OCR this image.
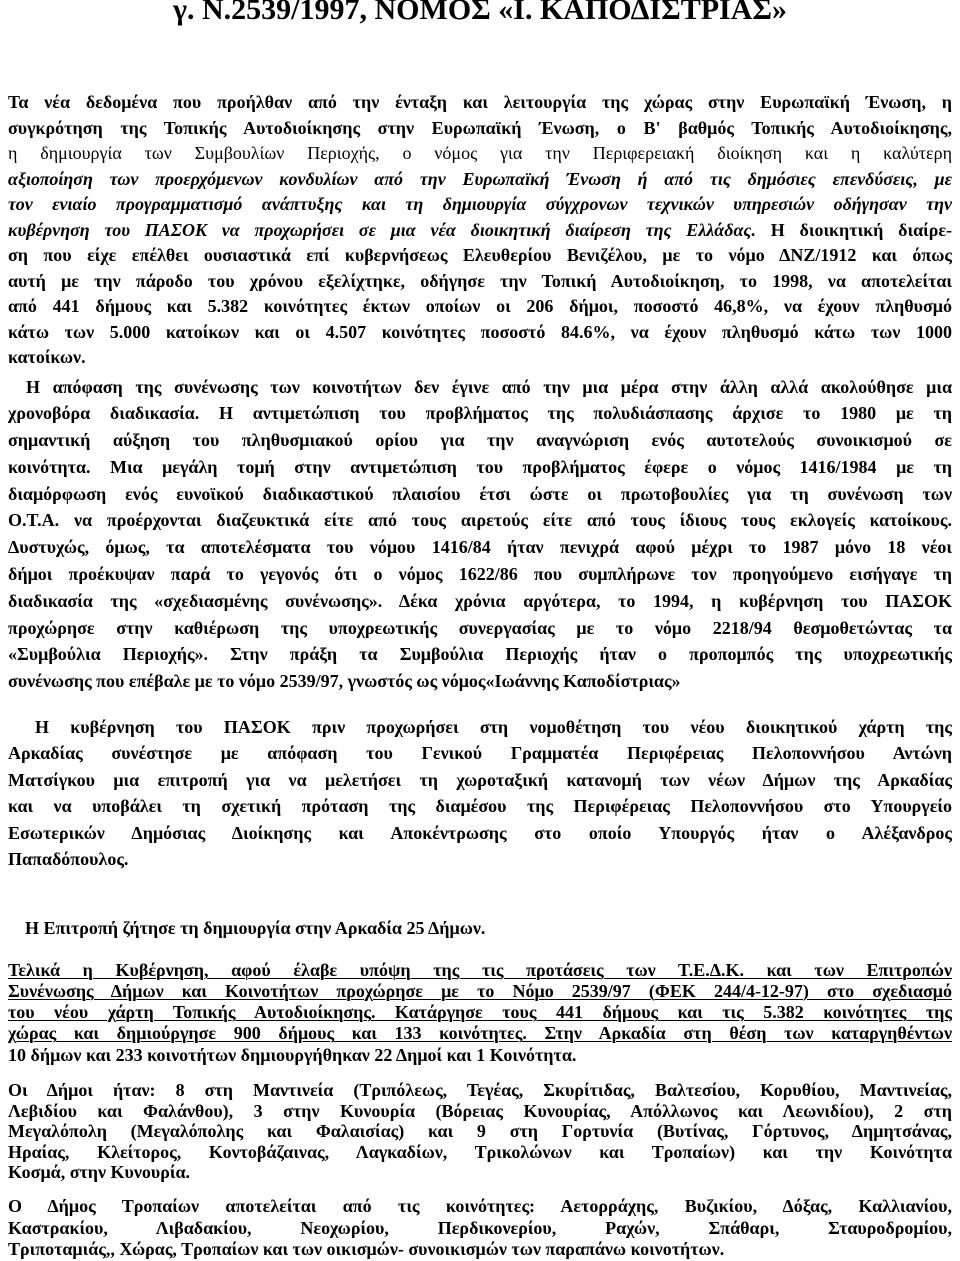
γ. Ν.2539/1997, ΝΟΜΟΣ «Ι. ΚΑΠΟΔΙΣΤΡΙΑΣ»
Τα νέα δεδομένα που προήλθαν από την ένταξη και λειτουργία της χώρας στην Ευρωπαϊκή Ένωση, η
συγκρότηση της Τοπικής Αυτοδιοίκησης στην Ευρωπαϊκή Ένωση, ο Β' βαθμός Τοπικής Αυτοδιοίκησης,
η δημιουργία των Συμβουλίων Περιοχής, ο νόμος για την Περιφερειακή διοίκηση και η καλύτερη
αξιοποίηση των προερχόμενων κονδυλίων από την Ευρωπαϊκή Ένωση ή από τις δημόσιες επενδύσεις, με
τον ενιαίο προγραμματισμό ανάπτυξης και τη δημιουργία σύγχρονων τεχνικών υπηρεσιών οδήγησαν την
κυβέρνηση του ΠΑΣΟΚ να προχωρήσει σε μια νέα διοικητική διαίρεση της Ελλάδας. Η διοικητική διαίρε-
ση που είχε επέλθει ουσιαστικά επί κυβερνήσεως Ελευθερίου Βενιζέλου, με το νόμο ΔΝΖ/1912 και όπως
αυτή με την πάροδο του χρόνου εξελίχτηκε, οδήγησε την Τοπική Αυτοδιοίκηση, το 1998, να αποτελείται
από 441 δήμους και 5.382 κοινότητες έκτων οποίων οι 206 δήμοι, ποσοστό 46,8%, να έχουν πληθυσμό
κάτω των 5.000 κατοίκων και οι 4.507 κοινότητες ποσοστό 84.6%, να έχουν πληθυσμό κάτω των 1000
κατοίκων.
Η απόφαση της συνένωσης των κοινοτήτων δεν έγινε από την μια μέρα στην άλλη αλλά ακολούθησε μια
χρονοβόρα διαδικασία. Η αντιμετώπιση του προβλήματος της πολυδιάσπασης άρχισε το 1980 με τη
σημαντική αύξηση του πληθυσμιακού ορίου για την αναγνώριση ενός αυτοτελούς συνοικισμού σε
κοινότητα. Μια μεγάλη τομή στην αντιμετώπιση του προβλήματος έφερε ο νόμος 1416/1984 με τη
διαμόρφωση ενός ευνοϊκού διαδικαστικού πλαισίου έτσι ώστε οι πρωτοβουλίες για τη συνένωση των
Ο.Τ.Α. να προέρχονται διαζευκτικά είτε από τους αιρετούς είτε από τους ίδιους τους εκλογείς κατοίκους.
Δυστυχώς, όμως, τα αποτελέσματα του νόμου 1416/84 ήταν πενιχρά αφού μέχρι το 1987 μόνο 18 νέοι
δήμοι προέκυψαν παρά το γεγονός ότι ο νόμος 1622/86 που συμπλήρωνε τον προηγούμενο εισήγαγε τη
διαδικασία της «σχεδιασμένης συνένωσης». Δέκα χρόνια αργότερα, το 1994, η κυβέρνηση του ΠΑΣΟΚ
προχώρησε στην καθιέρωση της υποχρεωτικής συνεργασίας με το νόμο 2218/94 θεσμοθετώντας τα
«Συμβούλια Περιοχής». Στην πράξη τα Συμβούλια Περιοχής ήταν ο προπομπός της υποχρεωτικής
συνένωσης που επέβαλε με το νόμο 2539/97, γνωστός ως νόμος«Ιωάννης Καποδίστριας»
Η κυβέρνηση του ΠΑΣΟΚ πριν προχωρήσει στη νομοθέτηση του νέου διοικητικού χάρτη της
Αρκαδίας συνέστησε με απόφαση του Γενικού Γραμματέα Περιφέρειας Πελοποννήσου Αντώνη
Ματσίγκου μια επιτροπή για να μελετήσει τη χωροταξική κατανομή των νέων Δήμων της Αρκαδίας
και να υποβάλει τη σχετική πρόταση της διαμέσου της Περιφέρειας Πελοποννήσου στο Υπουργείο
Εσωτερικών Δημόσιας Διοίκησης και Αποκέντρωσης στο οποίο Υπουργός ήταν ο Αλέξανδρος
Παπαδόπουλος.
Η Επιτροπή ζήτησε τη δημιουργία στην Αρκαδία 25 Δήμων.
Τελικά η Κυβέρνηση, αφού έλαβε υπόψη της τις προτάσεις των Τ.Ε.Δ.Κ. και των Επιτροπών
Συνένωσης Δήμων και Κοινοτήτων προχώρησε με το Νόμο 2539/97 (ΦΕΚ 244/4-12-97) στο σχεδιασμό
του νέου χάρτη Τοπικής Αυτοδιοίκησης. Κατάργησε τους 441 δήμους και τις 5.382 κοινότητες της
χώρας και δημιούργησε 900 δήμους και 133 κοινότητες. Στην Αρκαδία στη θέση των καταργηθέντων
10 δήμων και 233 κοινοτήτων δημιουργήθηκαν 22 Δημοί και 1 Κοινότητα.
Οι Δήμοι ήταν: 8 στη Μαντινεία (Τριπόλεως, Τεγέας, Σκυρίτιδας, Βαλτεσίου, Κορυθίου, Μαντινείας,
Λεβιδίου και Φαλάνθου), 3 στην Κυνουρία (Βόρειας Κυνουρίας, Απόλλωνος και Λεωνιδίου), 2 στη
Μεγαλόπολη (Μεγαλόπολης και Φαλαισίας) και 9 στη Γορτυνία (Βυτίνας, Γόρτυνος, Δημητσάνας,
Ηραίας, Κλείτορος, Κοντοβάζαινας, Λαγκαδίων, Τρικολώνων και Τροπαίων) και την Κοινότητα
Κοσμά, στην Κυνουρία.
Ο Δήμος Τροπαίων αποτελείται από τις κοινότητες: Αετορράχης, Βυζικίου, Δόξας, Καλλιανίου,
Καστρακίου, Λιβαδακίου, Νεοχωρίου, Περδικονερίου, Ραχών, Σπάθαρι, Σταυροδρομίου,
Τριποταμιάς,, Χώρας, Τροπαίων και των οικισμών- συνοικισμών των παραπάνω κοινοτήτων.
